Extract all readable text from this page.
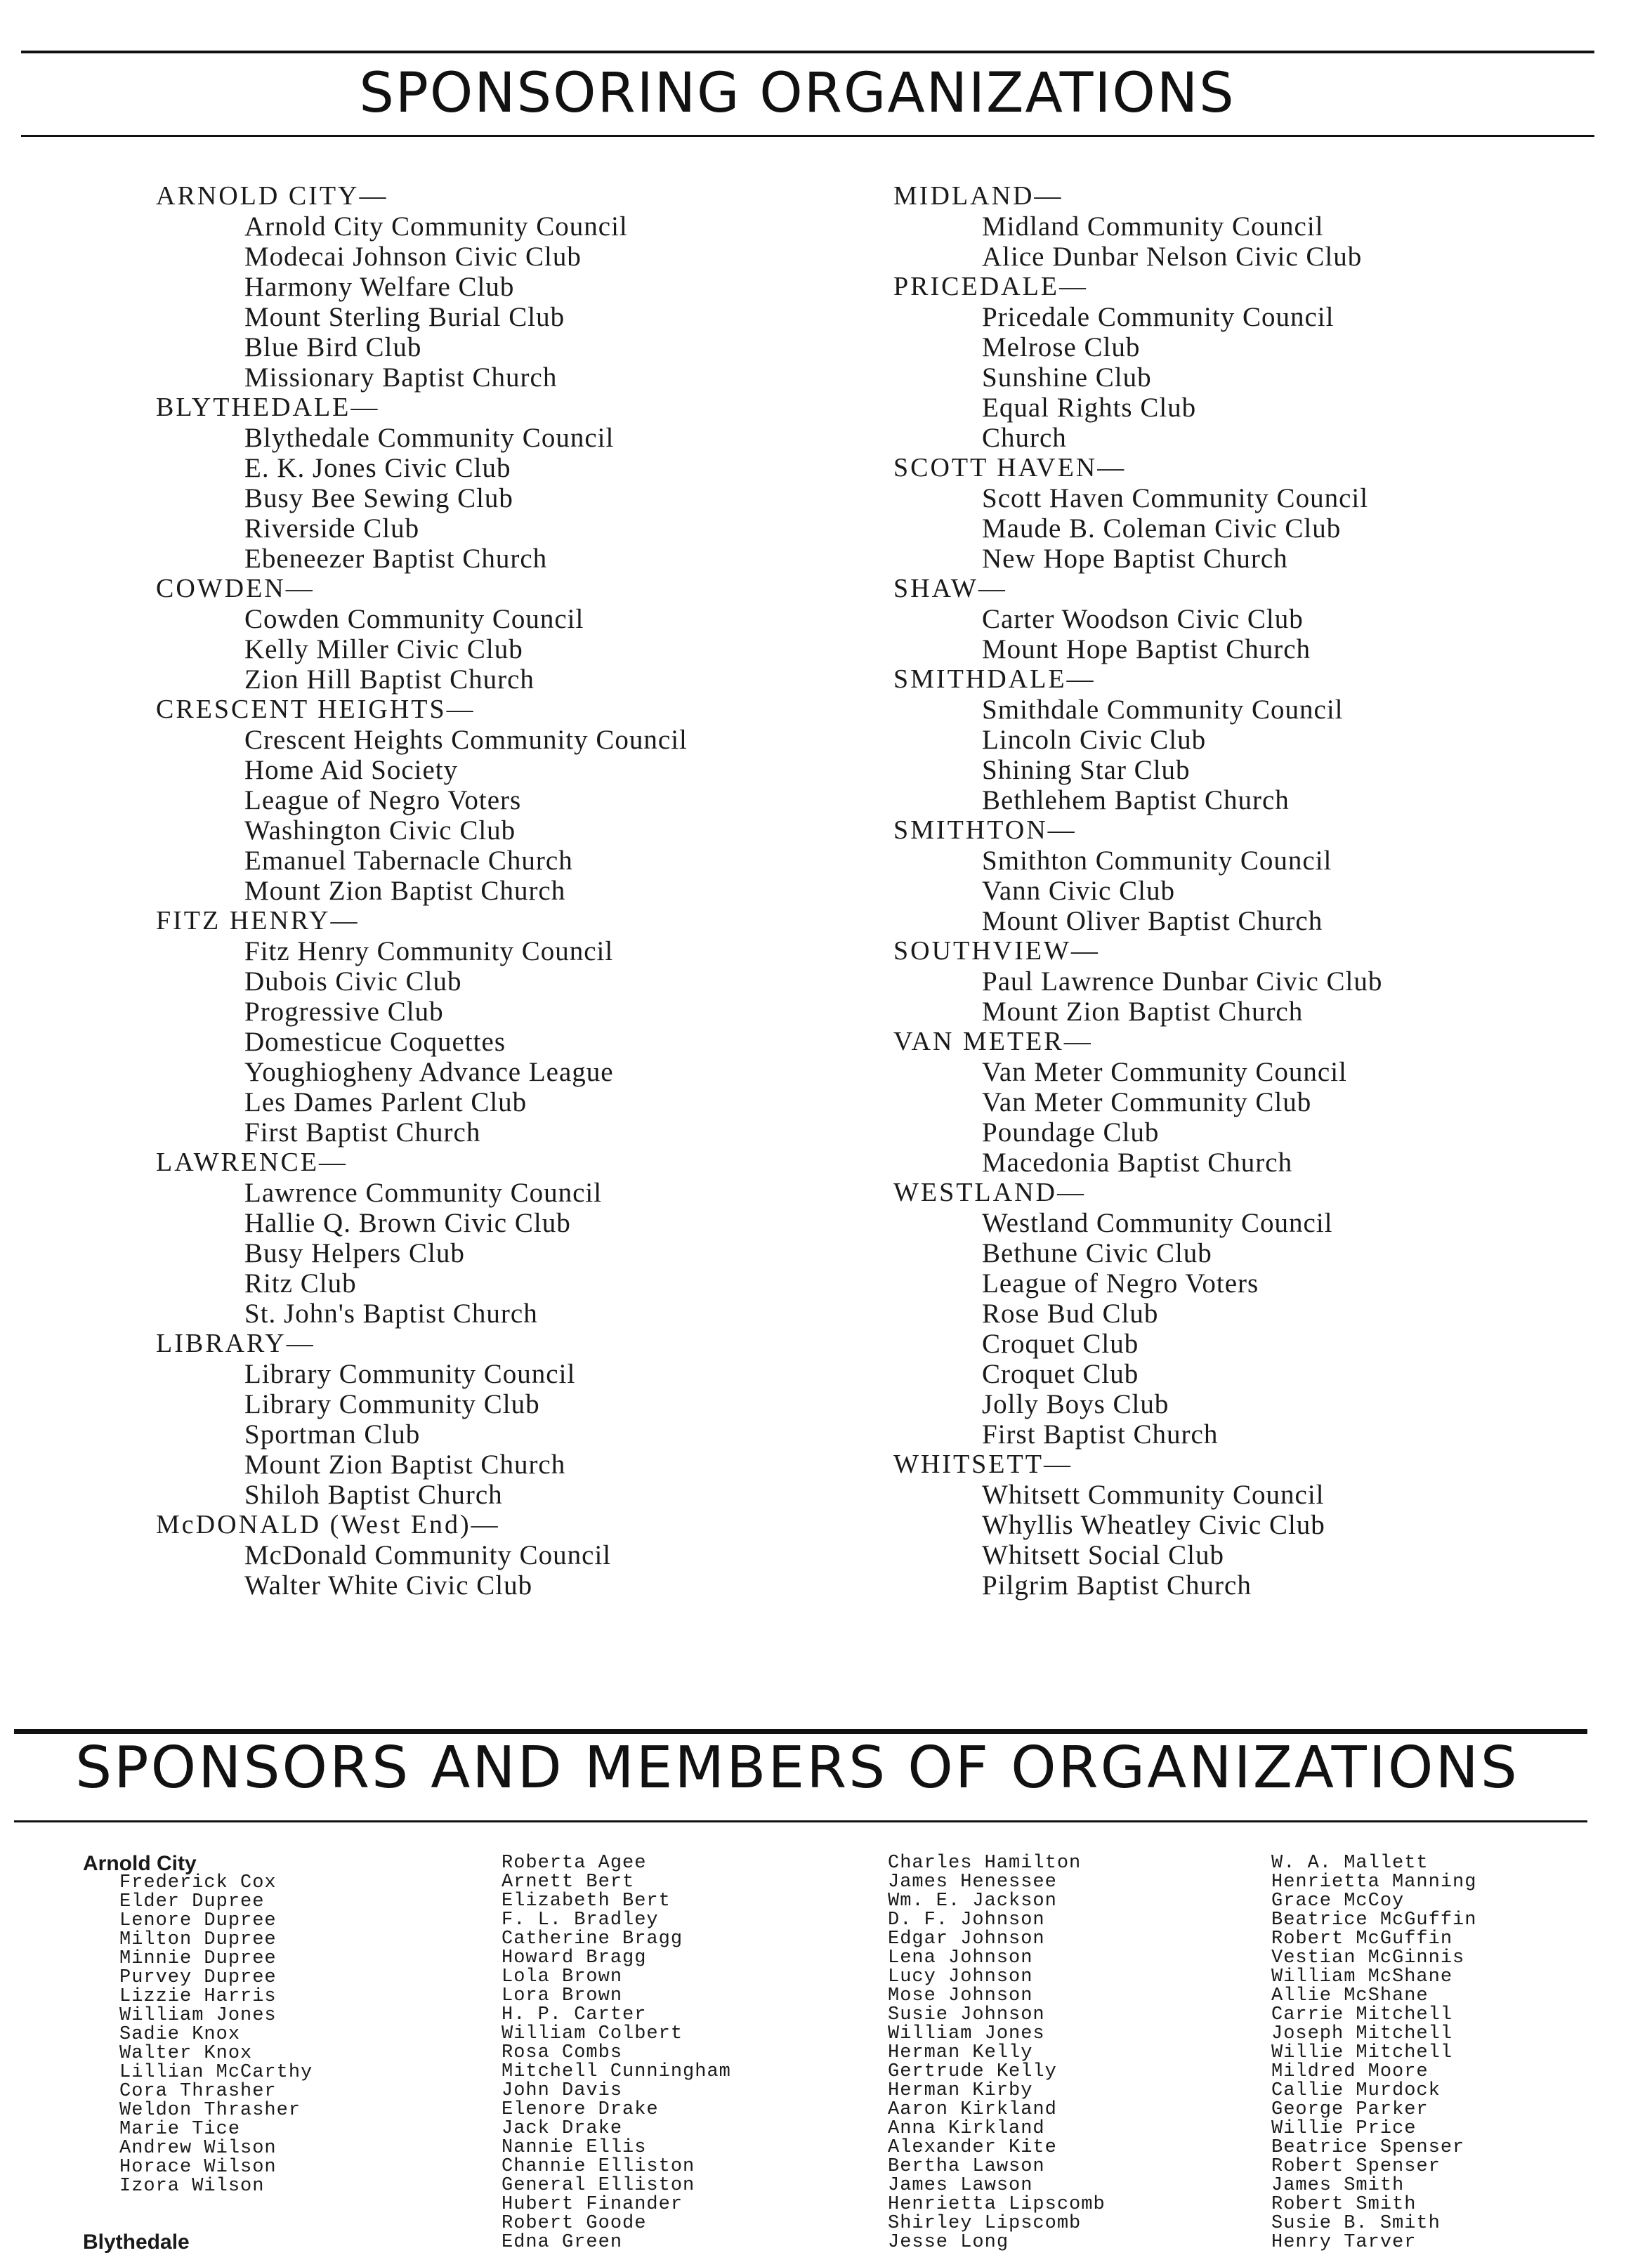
SPONSORING ORGANIZATIONS
ARNOLD CITY—
Arnold City Community Council
Modecai Johnson Civic Club
Harmony Welfare Club
Mount Sterling Burial Club
Blue Bird Club
Missionary Baptist Church
BLYTHEDALE—
Blythedale Community Council
E. K. Jones Civic Club
Busy Bee Sewing Club
Riverside Club
Ebeneezer Baptist Church
COWDEN—
Cowden Community Council
Kelly Miller Civic Club
Zion Hill Baptist Church
CRESCENT HEIGHTS—
Crescent Heights Community Council
Home Aid Society
League of Negro Voters
Washington Civic Club
Emanuel Tabernacle Church
Mount Zion Baptist Church
FITZ HENRY—
Fitz Henry Community Council
Dubois Civic Club
Progressive Club
Domesticue Coquettes
Youghiogheny Advance League
Les Dames Parlent Club
First Baptist Church
LAWRENCE—
Lawrence Community Council
Hallie Q. Brown Civic Club
Busy Helpers Club
Ritz Club
St. John's Baptist Church
LIBRARY—
Library Community Council
Library Community Club
Sportman Club
Mount Zion Baptist Church
Shiloh Baptist Church
McDONALD (West End)—
McDonald Community Council
Walter White Civic Club
MIDLAND—
Midland Community Council
Alice Dunbar Nelson Civic Club
PRICEDALE—
Pricedale Community Council
Melrose Club
Sunshine Club
Equal Rights Club
Church
SCOTT HAVEN—
Scott Haven Community Council
Maude B. Coleman Civic Club
New Hope Baptist Church
SHAW—
Carter Woodson Civic Club
Mount Hope Baptist Church
SMITHDALE—
Smithdale Community Council
Lincoln Civic Club
Shining Star Club
Bethlehem Baptist Church
SMITHTON—
Smithton Community Council
Vann Civic Club
Mount Oliver Baptist Church
SOUTHVIEW—
Paul Lawrence Dunbar Civic Club
Mount Zion Baptist Church
VAN METER—
Van Meter Community Council
Van Meter Community Club
Poundage Club
Macedonia Baptist Church
WESTLAND—
Westland Community Council
Bethune Civic Club
League of Negro Voters
Rose Bud Club
Croquet Club
Croquet Club
Jolly Boys Club
First Baptist Church
WHITSETT—
Whitsett Community Council
Whyllis Wheatley Civic Club
Whitsett Social Club
Pilgrim Baptist Church
SPONSORS AND MEMBERS OF ORGANIZATIONS
Arnold City
Frederick Cox
Elder Dupree
Lenore Dupree
Milton Dupree
Minnie Dupree
Purvey Dupree
Lizzie Harris
William Jones
Sadie Knox
Walter Knox
Lillian McCarthy
Cora Thrasher
Weldon Thrasher
Marie Tice
Andrew Wilson
Horace Wilson
Izora Wilson
Blythedale
Roberta Agee
Arnett Bert
Elizabeth Bert
F. L. Bradley
Catherine Bragg
Howard Bragg
Lola Brown
Lora Brown
H. P. Carter
William Colbert
Rosa Combs
Mitchell Cunningham
John Davis
Elenore Drake
Jack Drake
Nannie Ellis
Channie Elliston
General Elliston
Hubert Finander
Robert Goode
Edna Green
Charles Hamilton
James Henessee
Wm. E. Jackson
D. F. Johnson
Edgar Johnson
Lena Johnson
Lucy Johnson
Mose Johnson
Susie Johnson
William Jones
Herman Kelly
Gertrude Kelly
Herman Kirby
Aaron Kirkland
Anna Kirkland
Alexander Kite
Bertha Lawson
James Lawson
Henrietta Lipscomb
Shirley Lipscomb
Jesse Long
W. A. Mallett
Henrietta Manning
Grace McCoy
Beatrice McGuffin
Robert McGuffin
Vestian McGinnis
William McShane
Allie McShane
Carrie Mitchell
Joseph Mitchell
Willie Mitchell
Mildred Moore
Callie Murdock
George Parker
Willie Price
Beatrice Spenser
Robert Spenser
James Smith
Robert Smith
Susie B. Smith
Henry Tarver
